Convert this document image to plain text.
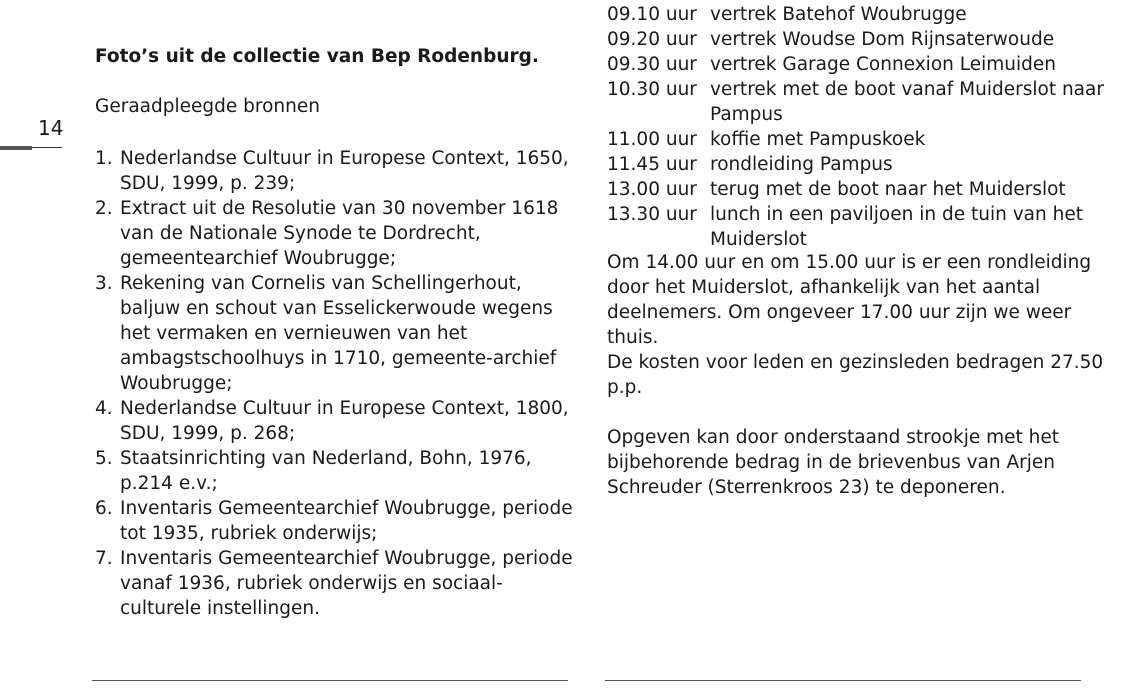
14
Foto’s uit de collectie van Bep Rodenburg.
Geraadpleegde bronnen
1. Nederlandse Cultuur in Europese Context, 1650, SDU, 1999, p. 239;
2. Extract uit de Resolutie van 30 november 1618 van de Nationale Synode te Dordrecht, gemeentearchief Woubrugge;
3. Rekening van Cornelis van Schellingerhout, baljuw en schout van Esselickerwoude wegens het vermaken en vernieuwen van het ambagstschoolhuys in 1710, gemeente-archief Woubrugge;
4. Nederlandse Cultuur in Europese Context, 1800, SDU, 1999, p. 268;
5. Staatsinrichting van Nederland, Bohn, 1976, p.214 e.v.;
6. Inventaris Gemeentearchief Woubrugge, periode tot 1935, rubriek onderwijs;
7. Inventaris Gemeentearchief Woubrugge, periode vanaf 1936, rubriek onderwijs en sociaal-culturele instellingen.
09.10 uur vertrek Batehof Woubrugge
09.20 uur vertrek Woudse Dom Rijnsaterwoude
09.30 uur vertrek Garage Connexion Leimuiden
10.30 uur vertrek met de boot vanaf Muiderslot naar Pampus
11.00 uur koffie met Pampuskoek
11.45 uur rondleiding Pampus
13.00 uur terug met de boot naar het Muiderslot
13.30 uur lunch in een paviljoen in de tuin van het Muiderslot

Om 14.00 uur en om 15.00 uur is er een rondleiding door het Muiderslot, afhankelijk van het aantal deelnemers. Om ongeveer 17.00 uur zijn we weer thuis.

De kosten voor leden en gezinsleden bedragen 27.50 p.p.

Opgeven kan door onderstaand strookje met het bijbehorende bedrag in de brievenbus van Arjen Schreuder (Sterrenkroos 23) te deponeren.
